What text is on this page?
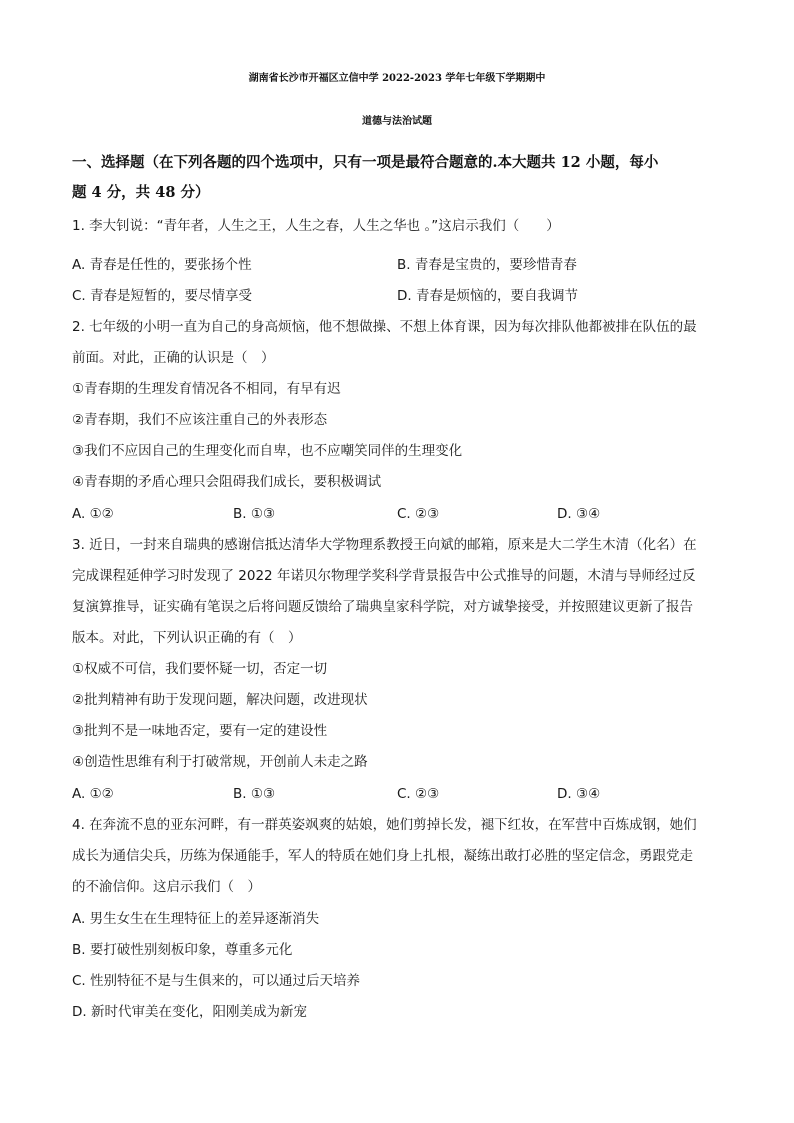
湖南省长沙市开福区立信中学 2022-2023 学年七年级下学期期中
道德与法治试题
一、选择题（在下列各题的四个选项中，只有一项是最符合题意的.本大题共 12 小题，每小
题 4 分，共 48 分）
1. 李大钊说：“青年者，人生之王，人生之春，人生之华也 。”这启示我们（　　）
A. 青春是任性的，要张扬个性	B. 青春是宝贵的，要珍惜青春
C. 青春是短暂的，要尽情享受	D. 青春是烦恼的，要自我调节
2. 七年级的小明一直为自己的身高烦恼，他不想做操、不想上体育课，因为每次排队他都被排在队伍的最
前面。对此，正确的认识是（　）
①青春期的生理发育情况各不相同，有早有迟
②青春期，我们不应该注重自己的外表形态
③我们不应因自己的生理变化而自卑，也不应嘲笑同伴的生理变化
④青春期的矛盾心理只会阻碍我们成长，要积极调试
A. ①②	B. ①③	C. ②③	D. ③④
3. 近日，一封来自瑞典的感谢信抵达清华大学物理系教授王向斌的邮箱，原来是大二学生木清（化名）在
完成课程延伸学习时发现了 2022 年诺贝尔物理学奖科学背景报告中公式推导的问题，木清与导师经过反
复演算推导，证实确有笔误之后将问题反馈给了瑞典皇家科学院，对方诚挚接受，并按照建议更新了报告
版本。对此，下列认识正确的有（　）
①权威不可信，我们要怀疑一切，否定一切
②批判精神有助于发现问题，解决问题，改进现状
③批判不是一味地否定，要有一定的建设性
④创造性思维有利于打破常规，开创前人未走之路
A. ①②	B. ①③	C. ②③	D. ③④
4. 在奔流不息的亚东河畔，有一群英姿飒爽的姑娘，她们剪掉长发，褪下红妆，在军营中百炼成钢，她们
成长为通信尖兵，历练为保通能手，军人的特质在她们身上扎根，凝练出敢打必胜的坚定信念，勇跟党走
的不渝信仰。这启示我们（　）
A. 男生女生在生理特征上的差异逐渐消失
B. 要打破性别刻板印象，尊重多元化
C. 性别特征不是与生俱来的，可以通过后天培养
D. 新时代审美在变化，阳刚美成为新宠
